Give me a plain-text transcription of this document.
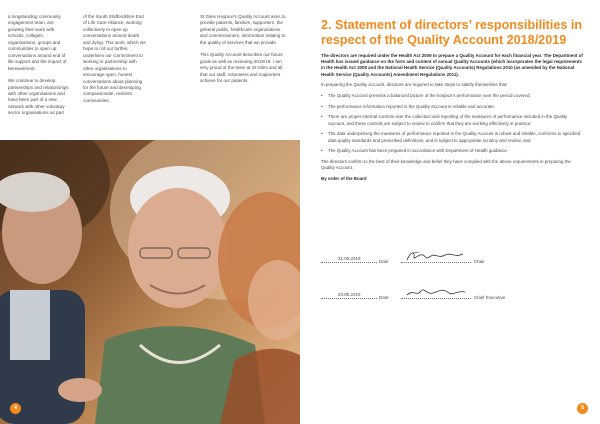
a longstanding community engagement team, are growing their work with schools, colleges, organisations, groups and communities to open up conversations around end of life support and the impact of bereavement.

We continue to develop partnerships and relationships with other organisations and have been part of a new network with other voluntary sector organisations as part

of the South Staffordshire End of Life Care Alliance, working collectively to open up conversations around death and dying. This work, which we hope to roll out further, underlines our commitment to working in partnership with other organisations to encourage open, honest conversations about planning for the future and developing compassionate, resilient communities.

St Giles Hospice’s Quality Account aims to provide patients, families, supporters, the general public, healthcare organisations and commissioners, information relating to the quality of services that we provide.

This Quality Account describes our future goals as well as reviewing 2018/19. I am very proud of the team at St Giles and all that our staff, volunteers and supporters achieve for our patients.

4
2. Statement of directors’ responsibilities in respect of the Quality Account 2018/2019

The directors are required under the Health Act 2009 to prepare a Quality Account for each financial year. The Department of Health has issued guidance on the form and content of annual Quality Accounts (which incorporates the legal requirements in the Health Act 2009 and the National Health Service (Quality Accounts) Regulations 2010 (as amended by the National Health Service (Quality Accounts) Amendment Regulations 2011).

In preparing the Quality Account, directors are required to take steps to satisfy themselves that:

• The Quality Account presents a balanced picture of the hospice’s performance over the period covered;
• The performance information reported in the Quality Account is reliable and accurate;
• There are proper internal controls over the collection and reporting of the measures of performance included in the Quality Account, and these controls are subject to review to confirm that they are working effectively in practice;
• The data underpinning the measures of performance reported in the Quality Account is robust and reliable, conforms to specified data quality standards and prescribed definitions, and is subject to appropriate scrutiny and review; and
• The Quality Account has been prepared in accordance with Department of Health guidance.

The directors confirm to the best of their knowledge and belief they have complied with the above requirements in preparing the Quality Account.

By order of the Board

31.05.2019
Date	Chair
20.05.2019
Date	Chief Executive
5
